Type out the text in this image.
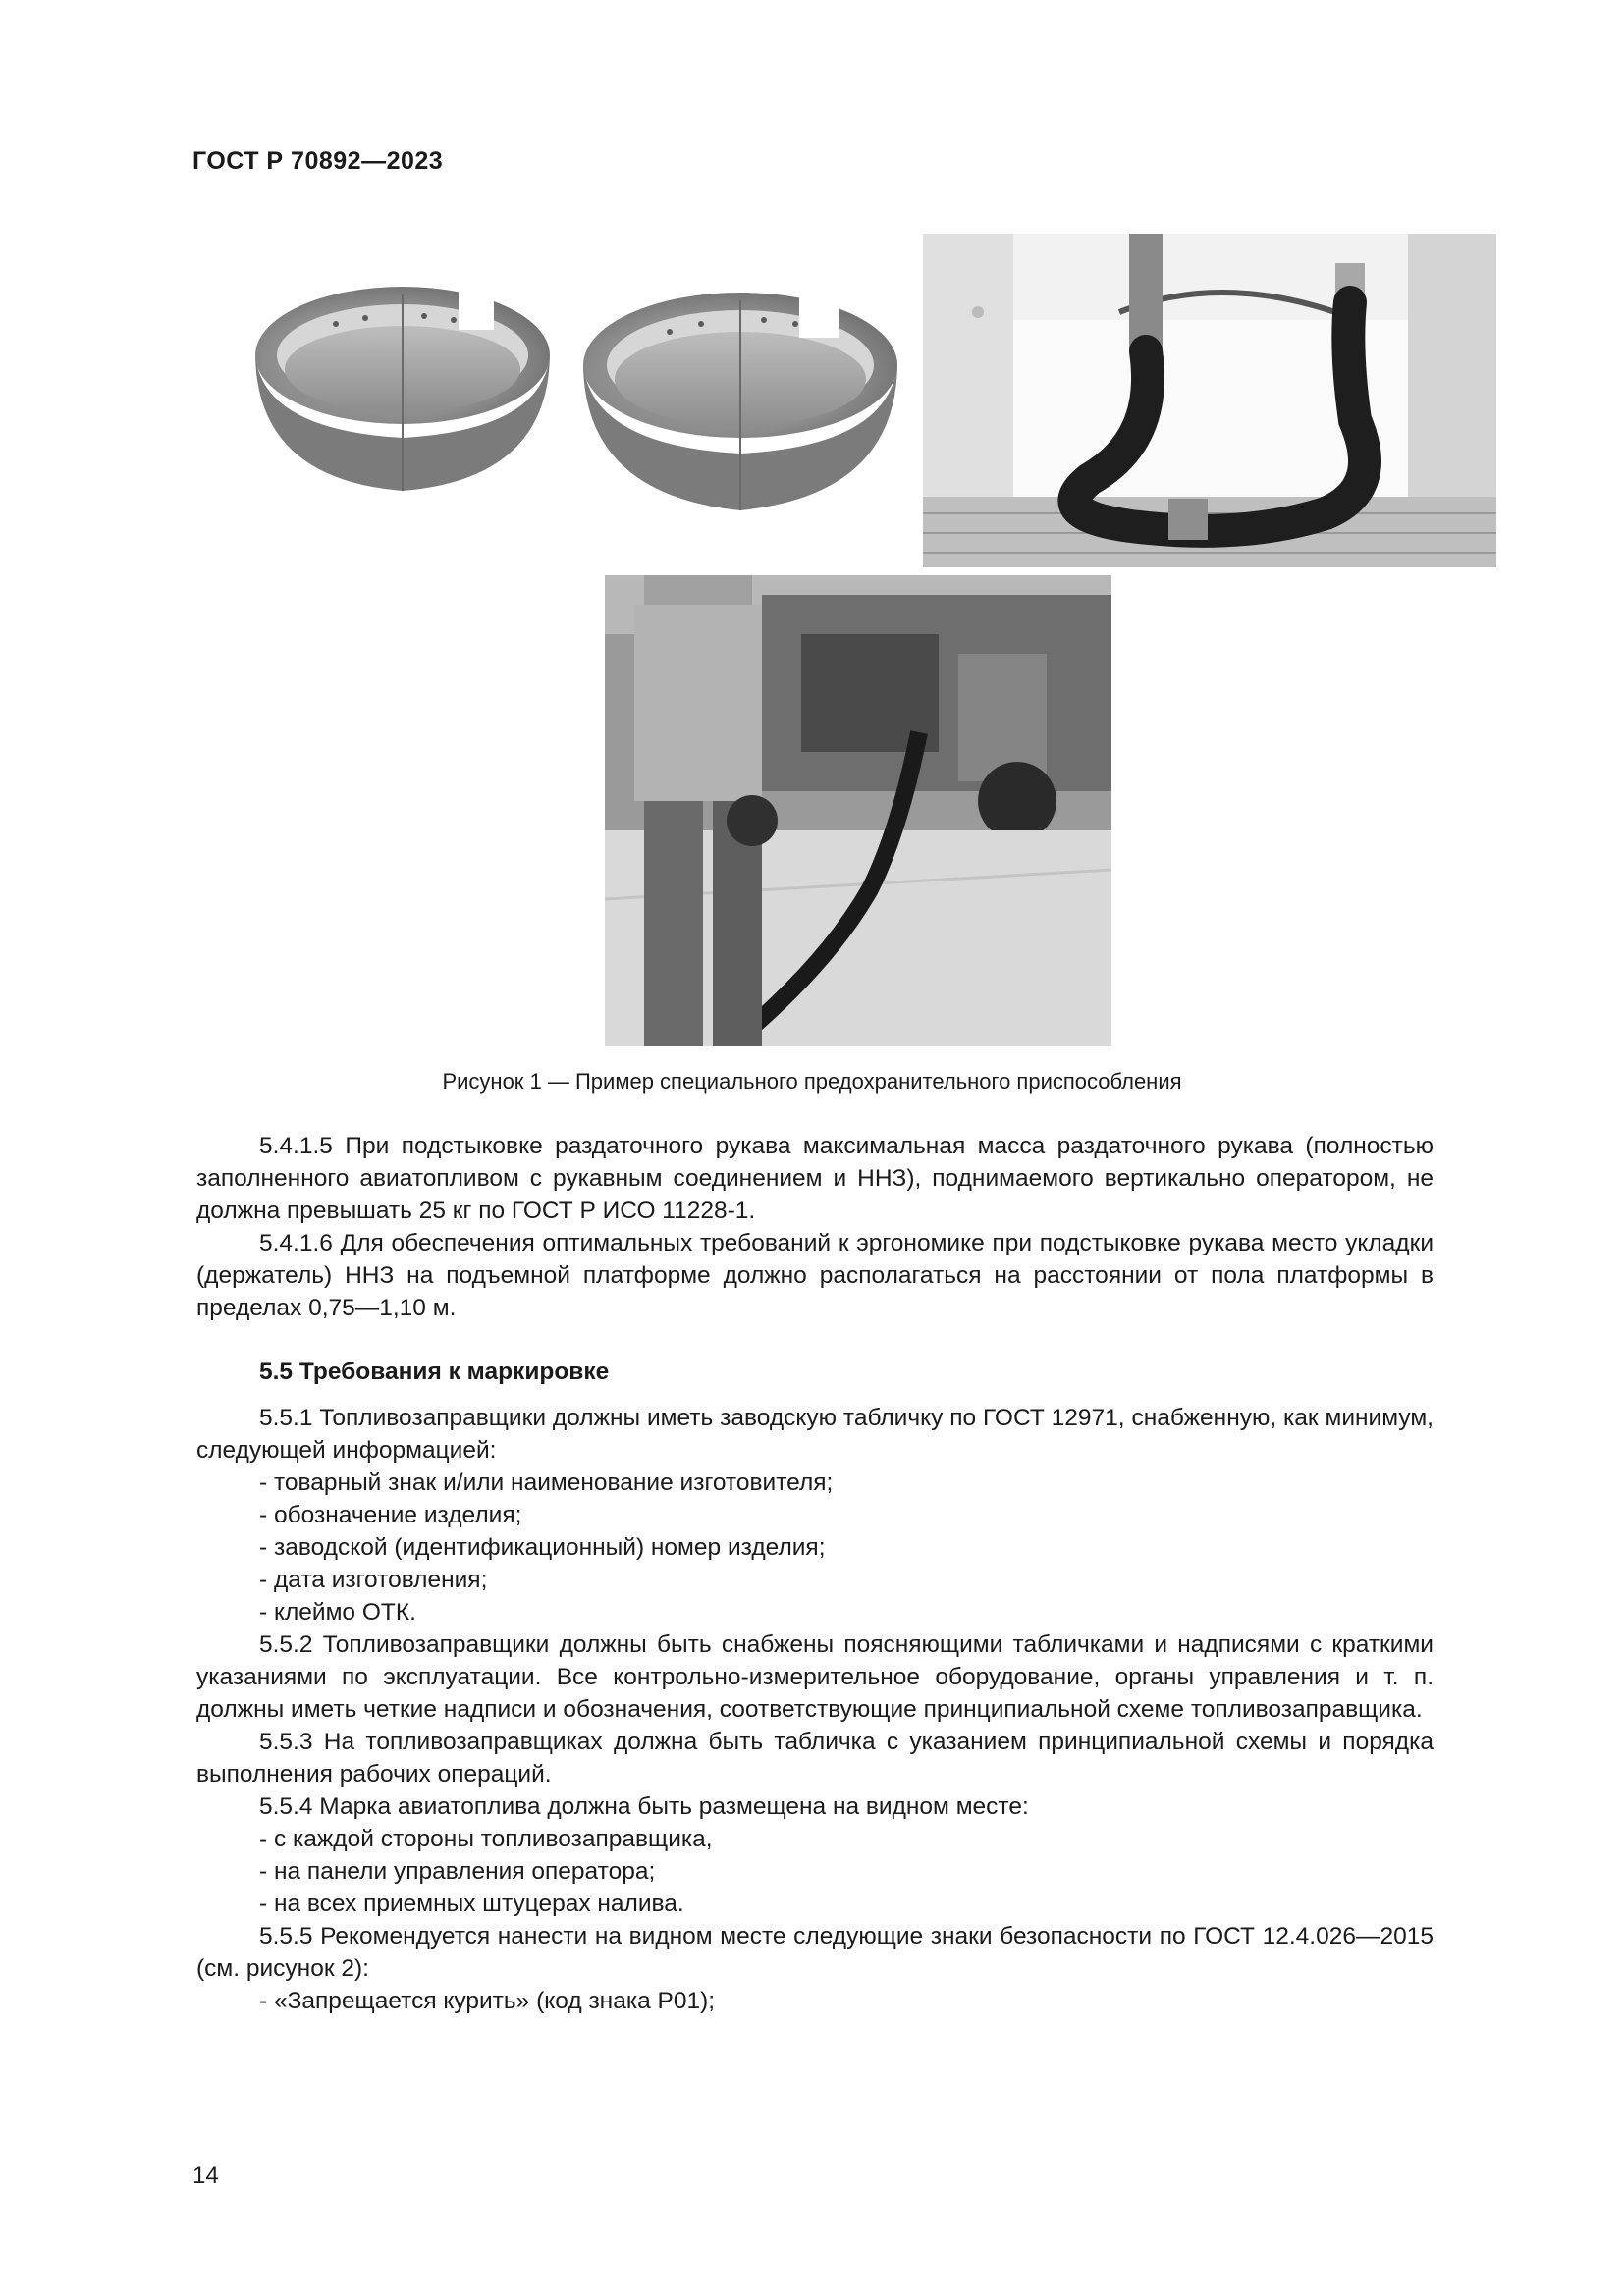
ГОСТ Р 70892—2023
Рисунок 1 — Пример специального предохранительного приспособления

5.4.1.5 При подстыковке раздаточного рукава максимальная масса раздаточного рукава (полностью заполненного авиатопливом с рукавным соединением и ННЗ), поднимаемого вертикально оператором, не должна превышать 25 кг по ГОСТ Р ИСО 11228-1.

5.4.1.6 Для обеспечения оптимальных требований к эргономике при подстыковке рукава место укладки (держатель) ННЗ на подъемной платформе должно располагаться на расстоянии от пола платформы в пределах 0,75—1,10 м.

5.5 Требования к маркировке

5.5.1 Топливозаправщики должны иметь заводскую табличку по ГОСТ 12971, снабженную, как минимум, следующей информацией:

- товарный знак и/или наименование изготовителя;

- обозначение изделия;

- заводской (идентификационный) номер изделия;

- дата изготовления;

- клеймо ОТК.

5.5.2 Топливозаправщики должны быть снабжены поясняющими табличками и надписями с краткими указаниями по эксплуатации. Все контрольно-измерительное оборудование, органы управления и т. п. должны иметь четкие надписи и обозначения, соответствующие принципиальной схеме топливозаправщика.

5.5.3 На топливозаправщиках должна быть табличка с указанием принципиальной схемы и порядка выполнения рабочих операций.

5.5.4 Марка авиатоплива должна быть размещена на видном месте:

- с каждой стороны топливозаправщика,

- на панели управления оператора;

- на всех приемных штуцерах налива.

5.5.5 Рекомендуется нанести на видном месте следующие знаки безопасности по ГОСТ 12.4.026—2015 (см. рисунок 2):

- «Запрещается курить» (код знака Р01);

14
